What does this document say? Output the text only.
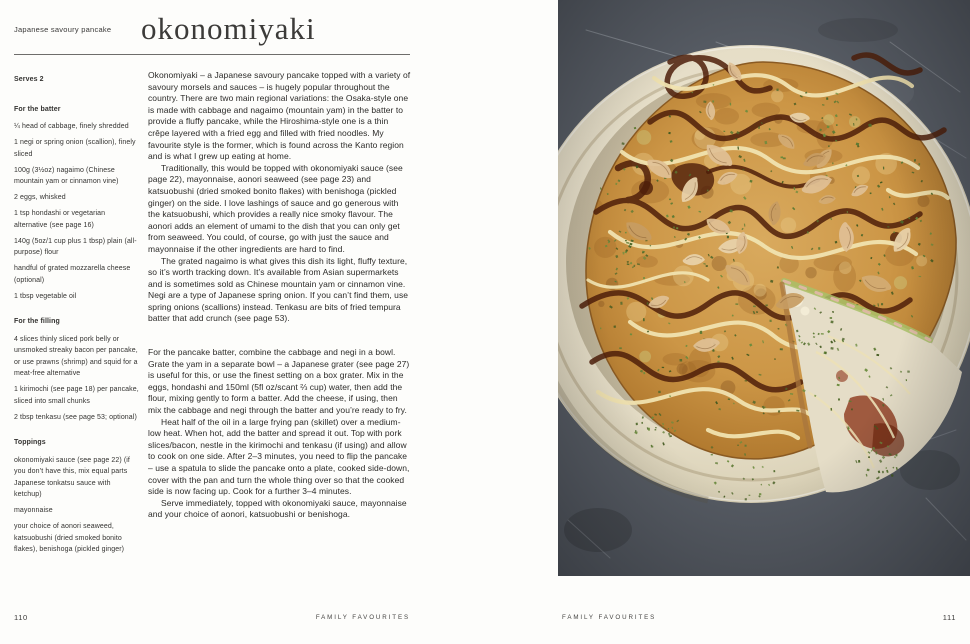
Japanese savoury pancake okonomiyaki

Serves 2

For the batter

¼ head of cabbage, finely shredded

1 negi or spring onion (scallion), finely sliced

100g (3½oz) nagaimo (Chinese mountain yam or cinnamon vine)

2 eggs, whisked

1 tsp hondashi or vegetarian alternative (see page 16)

140g (5oz/1 cup plus 1 tbsp) plain (all-purpose) flour

handful of grated mozzarella cheese (optional)

1 tbsp vegetable oil

For the filling

4 slices thinly sliced pork belly or unsmoked streaky bacon per pancake, or use prawns (shrimp) and squid for a meat-free alternative

1 kirimochi (see page 18) per pancake, sliced into small chunks

2 tbsp tenkasu (see page 53; optional)

Toppings

okonomiyaki sauce (see page 22) (if you don’t have this, mix equal parts Japanese tonkatsu sauce with ketchup)

mayonnaise

your choice of aonori seaweed, katsuobushi (dried smoked bonito flakes), benishoga (pickled ginger)

Okonomiyaki – a Japanese savoury pancake topped with a variety of savoury morsels and sauces – is hugely popular throughout the country. There are two main regional variations: the Osaka-style one is made with cabbage and nagaimo (mountain yam) in the batter to provide a fluffy pancake, while the Hiroshima-style one is a thin crêpe layered with a fried egg and filled with fried noodles. My favourite style is the former, which is found across the Kanto region and is what I grew up eating at home.

Traditionally, this would be topped with okonomiyaki sauce (see page 22), mayonnaise, aonori seaweed (see page 23) and katsuobushi (dried smoked bonito flakes) with benishoga (pickled ginger) on the side. I love lashings of sauce and go generous with the katsuobushi, which provides a really nice smoky flavour. The aonori adds an element of umami to the dish that you can only get from seaweed. You could, of course, go with just the sauce and mayonnaise if the other ingredients are hard to find.

The grated nagaimo is what gives this dish its light, fluffy texture, so it’s worth tracking down. It’s available from Asian supermarkets and is sometimes sold as Chinese mountain yam or cinnamon vine. Negi are a type of Japanese spring onion. If you can’t find them, use spring onions (scallions) instead. Tenkasu are bits of fried tempura batter that add crunch (see page 53).

For the pancake batter, combine the cabbage and negi in a bowl. Grate the yam in a separate bowl – a Japanese grater (see page 27) is useful for this, or use the finest setting on a box grater. Mix in the eggs, hondashi and 150ml (5fl oz/scant ⅔ cup) water, then add the flour, mixing gently to form a batter. Add the cheese, if using, then mix the cabbage and negi through the batter and you’re ready to fry.

Heat half of the oil in a large frying pan (skillet) over a medium-low heat. When hot, add the batter and spread it out. Top with pork slices/bacon, nestle in the kirimochi and tenkasu (if using) and allow to cook on one side. After 2–3 minutes, you need to flip the pancake – use a spatula to slide the pancake onto a plate, cooked side-down, cover with the pan and turn the whole thing over so that the cooked side is now facing up. Cook for a further 3–4 minutes.

Serve immediately, topped with okonomiyaki sauce, mayonnaise and your choice of aonori, katsuobushi or benishoga.

110	FAMILY FAVOURITES	FAMILY FAVOURITES	111
